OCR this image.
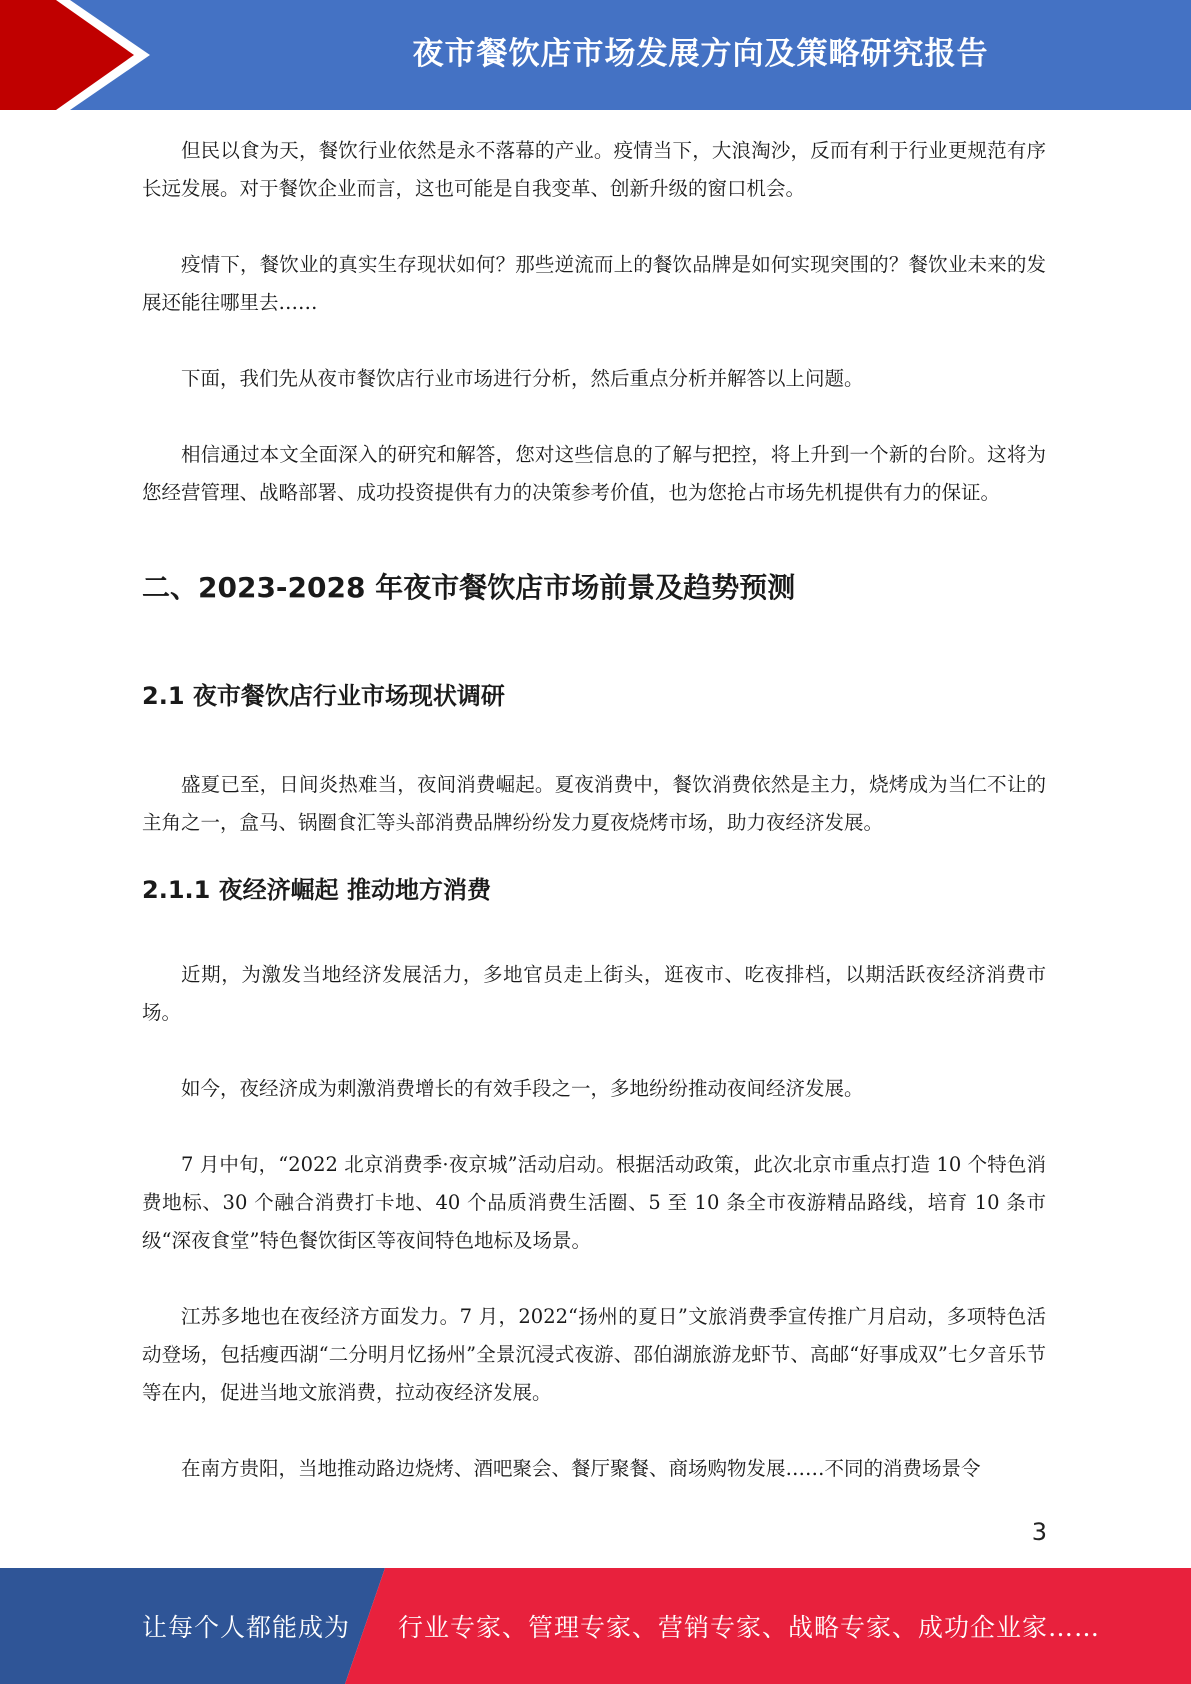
夜市餐饮店市场发展方向及策略研究报告

但民以食为天，餐饮行业依然是永不落幕的产业。疫情当下，大浪淘沙，反而有利于行业更规范有序长远发展。对于餐饮企业而言，这也可能是自我变革、创新升级的窗口机会。

疫情下，餐饮业的真实生存现状如何？那些逆流而上的餐饮品牌是如何实现突围的？餐饮业未来的发展还能往哪里去……

下面，我们先从夜市餐饮店行业市场进行分析，然后重点分析并解答以上问题。

相信通过本文全面深入的研究和解答，您对这些信息的了解与把控，将上升到一个新的台阶。这将为您经营管理、战略部署、成功投资提供有力的决策参考价值，也为您抢占市场先机提供有力的保证。

二、2023-2028 年夜市餐饮店市场前景及趋势预测
2.1 夜市餐饮店行业市场现状调研

盛夏已至，日间炎热难当，夜间消费崛起。夏夜消费中，餐饮消费依然是主力，烧烤成为当仁不让的主角之一，盒马、锅圈食汇等头部消费品牌纷纷发力夏夜烧烤市场，助力夜经济发展。

2.1.1 夜经济崛起 推动地方消费

近期，为激发当地经济发展活力，多地官员走上街头，逛夜市、吃夜排档，以期活跃夜经济消费市场。

如今，夜经济成为刺激消费增长的有效手段之一，多地纷纷推动夜间经济发展。

7 月中旬，“2022 北京消费季·夜京城”活动启动。根据活动政策，此次北京市重点打造 10 个特色消费地标、30 个融合消费打卡地、40 个品质消费生活圈、5 至 10 条全市夜游精品路线，培育 10 条市级“深夜食堂”特色餐饮街区等夜间特色地标及场景。

江苏多地也在夜经济方面发力。7 月，2022“扬州的夏日”文旅消费季宣传推广月启动，多项特色活动登场，包括瘦西湖“二分明月忆扬州”全景沉浸式夜游、邵伯湖旅游龙虾节、高邮“好事成双”七夕音乐节等在内，促进当地文旅消费，拉动夜经济发展。

在南方贵阳，当地推动路边烧烤、酒吧聚会、餐厅聚餐、商场购物发展……不同的消费场景令

3
让每个人都能成为 行业专家、管理专家、营销专家、战略专家、成功企业家……
